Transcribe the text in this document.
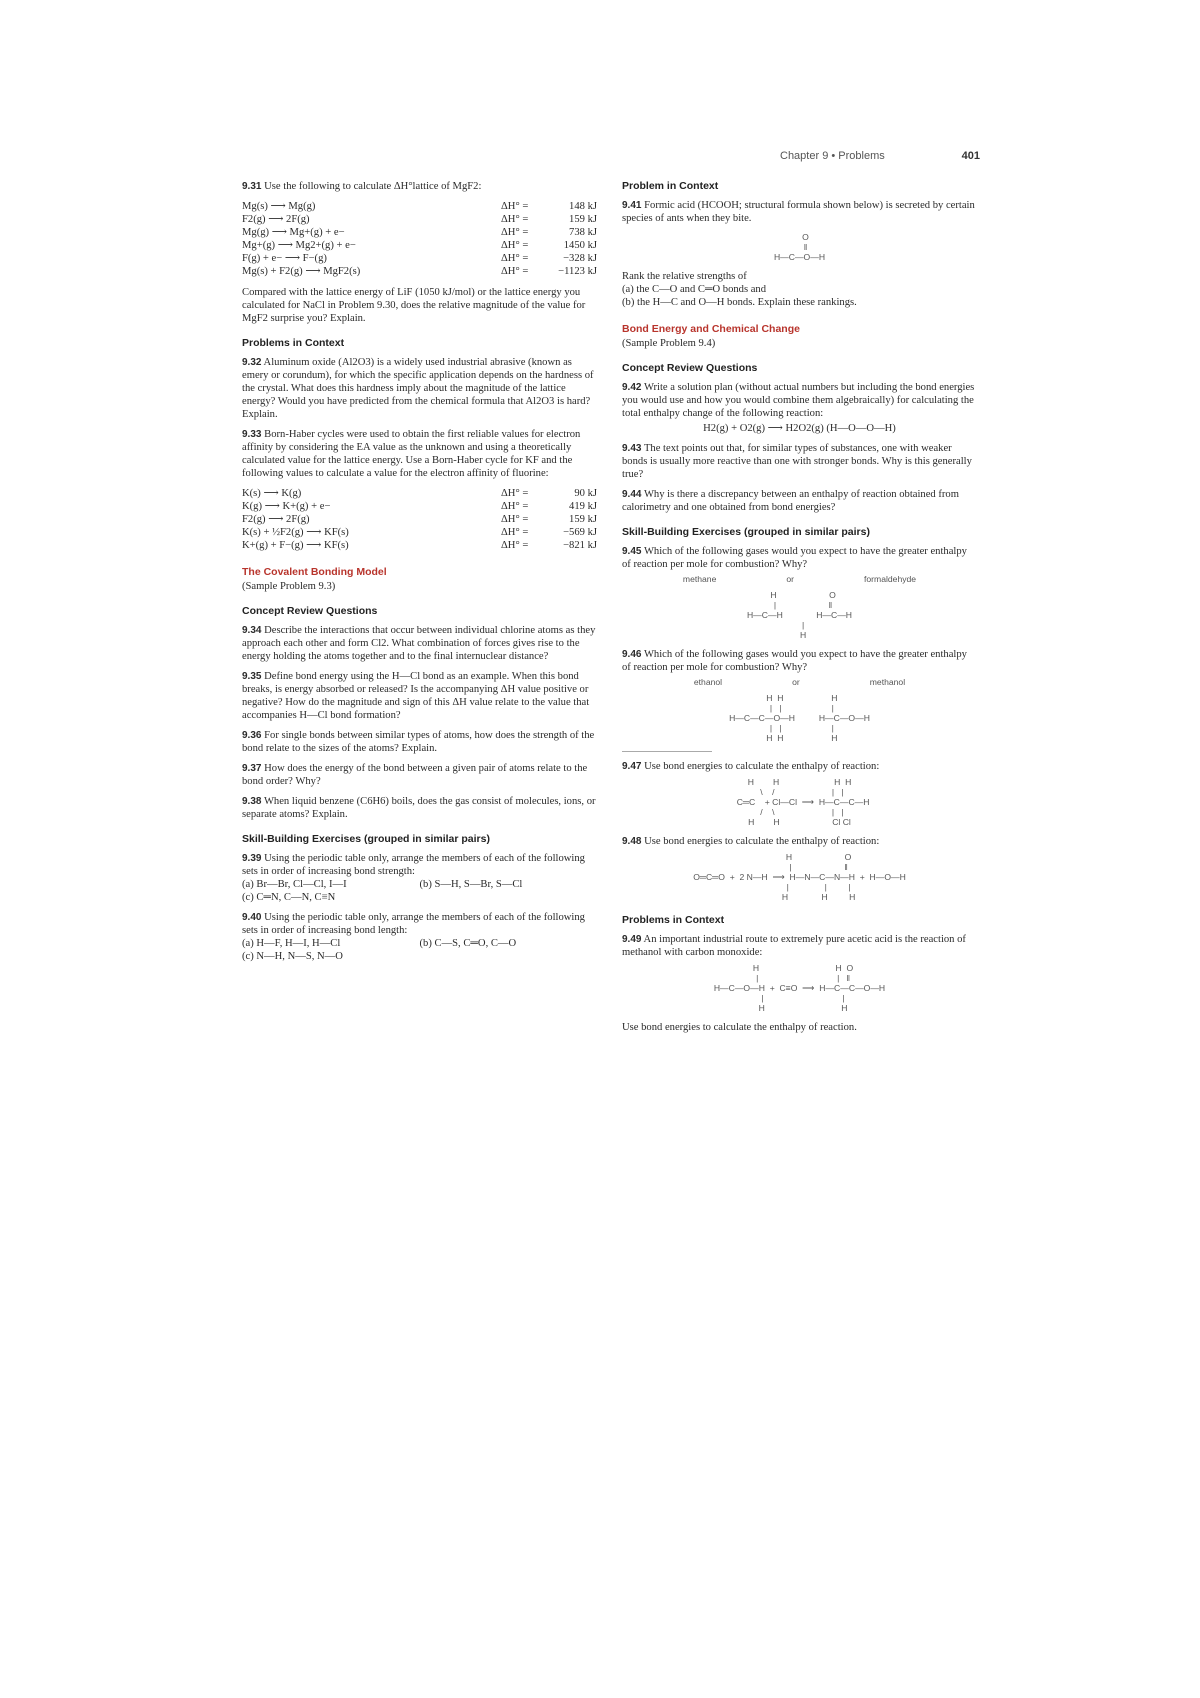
Chapter 9 • Problems	401

9.31 Use the following to calculate ΔH°lattice of MgF2:

Mg(s) ⟶ Mg(g)	ΔH° =	148 kJ
F2(g) ⟶ 2F(g)	ΔH° =	159 kJ
Mg(g) ⟶ Mg+(g) + e−	ΔH° =	738 kJ
Mg+(g) ⟶ Mg2+(g) + e−	ΔH° =	1450 kJ
F(g) + e− ⟶ F−(g)	ΔH° =	−328 kJ
Mg(s) + F2(g) ⟶ MgF2(s)	ΔH° =	−1123 kJ

Compared with the lattice energy of LiF (1050 kJ/mol) or the lattice energy you calculated for NaCl in Problem 9.30, does the relative magnitude of the value for MgF2 surprise you? Explain.

Problems in Context

9.32 Aluminum oxide (Al2O3) is a widely used industrial abrasive (known as emery or corundum), for which the specific application depends on the hardness of the crystal. What does this hardness imply about the magnitude of the lattice energy? Would you have predicted from the chemical formula that Al2O3 is hard? Explain.

9.33 Born-Haber cycles were used to obtain the first reliable values for electron affinity by considering the EA value as the unknown and using a theoretically calculated value for the lattice energy. Use a Born-Haber cycle for KF and the following values to calculate a value for the electron affinity of fluorine:

K(s) ⟶ K(g)	ΔH° =	90 kJ
K(g) ⟶ K+(g) + e−	ΔH° =	419 kJ
F2(g) ⟶ 2F(g)	ΔH° =	159 kJ
K(s) + ½F2(g) ⟶ KF(s)	ΔH° =	−569 kJ
K+(g) + F−(g) ⟶ KF(s)	ΔH° =	−821 kJ
The Covalent Bonding Model
(Sample Problem 9.3)
Concept Review Questions

9.34 Describe the interactions that occur between individual chlorine atoms as they approach each other and form Cl2. What combination of forces gives rise to the energy holding the atoms together and to the final internuclear distance?

9.35 Define bond energy using the H—Cl bond as an example. When this bond breaks, is energy absorbed or released? Is the accompanying ΔH value positive or negative? How do the magnitude and sign of this ΔH value relate to the value that accompanies H—Cl bond formation?

9.36 For single bonds between similar types of atoms, how does the strength of the bond relate to the sizes of the atoms? Explain.

9.37 How does the energy of the bond between a given pair of atoms relate to the bond order? Why?

9.38 When liquid benzene (C6H6) boils, does the gas consist of molecules, ions, or separate atoms? Explain.

Skill-Building Exercises (grouped in similar pairs)

9.39 Using the periodic table only, arrange the members of each of the following sets in order of increasing bond strength:

(a) Br—Br, Cl—Cl, I—I	(b) S—H, S—Br, S—Cl
(c) C═N, C—N, C≡N

9.40 Using the periodic table only, arrange the members of each of the following sets in order of increasing bond length:

(a) H—F, H—I, H—Cl	(b) C—S, C═O, C—O
(c) N—H, N—S, N—O
Problem in Context

9.41 Formic acid (HCOOH; structural formula shown below) is secreted by certain species of ants when they bite.

O
‖
H—C—O—H

Rank the relative strengths of

(a) the C—O and C═O bonds and

(b) the H—C and O—H bonds. Explain these rankings.

Bond Energy and Chemical Change
(Sample Problem 9.4)
Concept Review Questions

9.42 Write a solution plan (without actual numbers but including the bond energies you would use and how you would combine them algebraically) for calculating the total enthalpy change of the following reaction:

H2(g) + O2(g) ⟶ H2O2(g) (H—O—O—H)

9.43 The text points out that, for similar types of substances, one with weaker bonds is usually more reactive than one with stronger bonds. Why is this generally true?

9.44 Why is there a discrepancy between an enthalpy of reaction obtained from calorimetry and one obtained from bond energies?

Skill-Building Exercises (grouped in similar pairs)

9.45 Which of the following gases would you expect to have the greater enthalpy of reaction per mole for combustion? Why?

methane	or	formaldehyde
H                      O
|                      ‖
H—C—H              H—C—H
|
H

9.46 Which of the following gases would you expect to have the greater enthalpy of reaction per mole for combustion? Why?

ethanol	or	methanol
H  H                    H
|   |                     |
H—C—C—O—H          H—C—O—H
|   |                     |
H  H                    H

9.47 Use bond energies to calculate the enthalpy of reaction:

H        H                       H  H
\    /                        |   |
C═C    + Cl—Cl  ⟶  H—C—C—H
/    \                        |   |
H        H                      Cl Cl

9.48 Use bond energies to calculate the enthalpy of reaction:

H                      O
|                      ‖
O═C═O  +  2 N—H  ⟶  H—N—C—N—H  +  H—O—H
|               |         |
H              H         H
Problems in Context

9.49 An important industrial route to extremely pure acetic acid is the reaction of methanol with carbon monoxide:

H                                H  O
|                                 |   ‖
H—C—O—H  +  C≡O  ⟶  H—C—C—O—H
|                                 |
H                                H

Use bond energies to calculate the enthalpy of reaction.
